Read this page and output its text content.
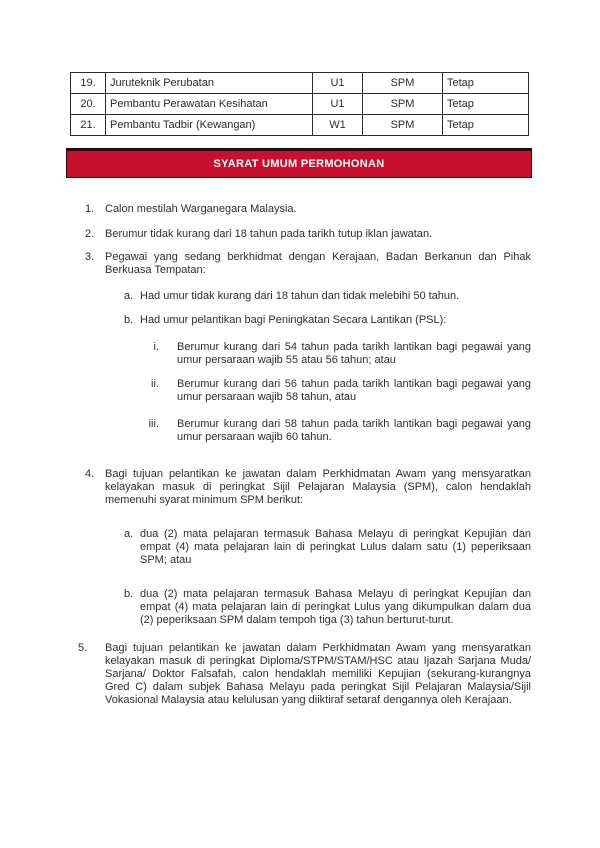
19.	Juruteknik Perubatan	U1	SPM	Tetap
20.	Pembantu Perawatan Kesihatan	U1	SPM	Tetap
21.	Pembantu Tadbir (Kewangan)	W1	SPM	Tetap
SYARAT UMUM PERMOHONAN
1. Calon mestilah Warganegara Malaysia.
2. Berumur tidak kurang dari 18 tahun pada tarikh tutup iklan jawatan.
3. Pegawai yang sedang berkhidmat dengan Kerajaan, Badan Berkanun dan Pihak Berkuasa Tempatan:
a. Had umur tidak kurang dari 18 tahun dan tidak melebihi 50 tahun.
b. Had umur pelantikan bagi Peningkatan Secara Lantikan (PSL):
i. Berumur kurang dari 54 tahun pada tarikh lantikan bagi pegawai yang umur persaraan wajib 55 atau 56 tahun; atau
ii. Berumur kurang dari 56 tahun pada tarikh lantikan bagi pegawai yang umur persaraan wajib 58 tahun, atau
iii. Berumur kurang dari 58 tahun pada tarikh lantikan bagi pegawai yang umur persaraan wajib 60 tahun.
4. Bagi tujuan pelantikan ke jawatan dalam Perkhidmatan Awam yang mensyaratkan kelayakan masuk di peringkat Sijil Pelajaran Malaysia (SPM), calon hendaklah memenuhi syarat minimum SPM berikut:
a. dua (2) mata pelajaran termasuk Bahasa Melayu di peringkat Kepujian dan empat (4) mata pelajaran lain di peringkat Lulus dalam satu (1) peperiksaan SPM; atau
b. dua (2) mata pelajaran termasuk Bahasa Melayu di peringkat Kepujian dan empat (4) mata pelajaran lain di peringkat Lulus yang dikumpulkan dalam dua (2) peperiksaan SPM dalam tempoh tiga (3) tahun berturut-turut.
5.	Bagi tujuan pelantikan ke jawatan dalam Perkhidmatan Awam yang mensyaratkan kelayakan masuk di peringkat Diploma/STPM/STAM/HSC atau Ijazah Sarjana Muda/ Sarjana/ Doktor Falsafah, calon hendaklah memiliki Kepujian (sekurang-kurangnya Gred C) dalam subjek Bahasa Melayu pada peringkat Sijil Pelajaran Malaysia/Sijil Vokasional Malaysia atau kelulusan yang diiktiraf setaraf dengannya oleh Kerajaan.
